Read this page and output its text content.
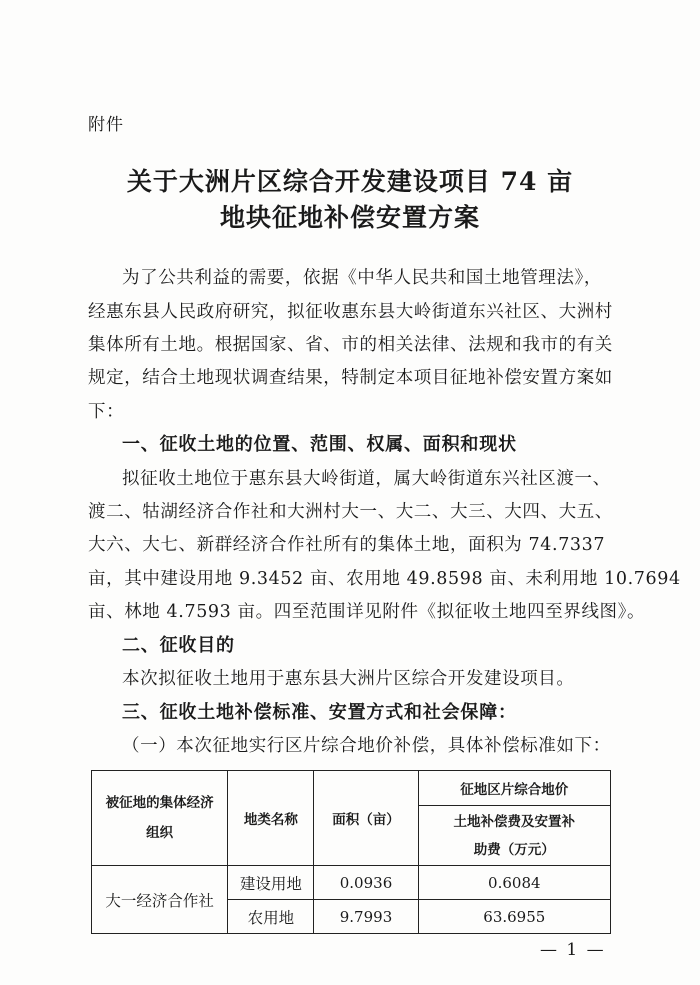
附件
关于大洲片区综合开发建设项目 74 亩
地块征地补偿安置方案
为了公共利益的需要，依据《中华人民共和国土地管理法》，
经惠东县人民政府研究，拟征收惠东县大岭街道东兴社区、大洲村
集体所有土地。根据国家、省、市的相关法律、法规和我市的有关
规定，结合土地现状调查结果，特制定本项目征地补偿安置方案如
下：
一、征收土地的位置、范围、权属、面积和现状
拟征收土地位于惠东县大岭街道，属大岭街道东兴社区渡一、
渡二、牯湖经济合作社和大洲村大一、大二、大三、大四、大五、
大六、大七、新群经济合作社所有的集体土地，面积为 74.7337
亩，其中建设用地 9.3452 亩、农用地 49.8598 亩、未利用地 10.7694
亩、林地 4.7593 亩。四至范围详见附件《拟征收土地四至界线图》。
二、征收目的
本次拟征收土地用于惠东县大洲片区综合开发建设项目。
三、征收土地补偿标准、安置方式和社会保障：
（一）本次征地实行区片综合地价补偿，具体补偿标准如下：
被征地的集体经济组织	地类名称	面积（亩）	征地区片综合地价
			土地补偿费及安置补助费（万元）
大一经济合作社	建设用地	0.0936	0.6084
	农用地	9.7993	63.6955
— 1 —
